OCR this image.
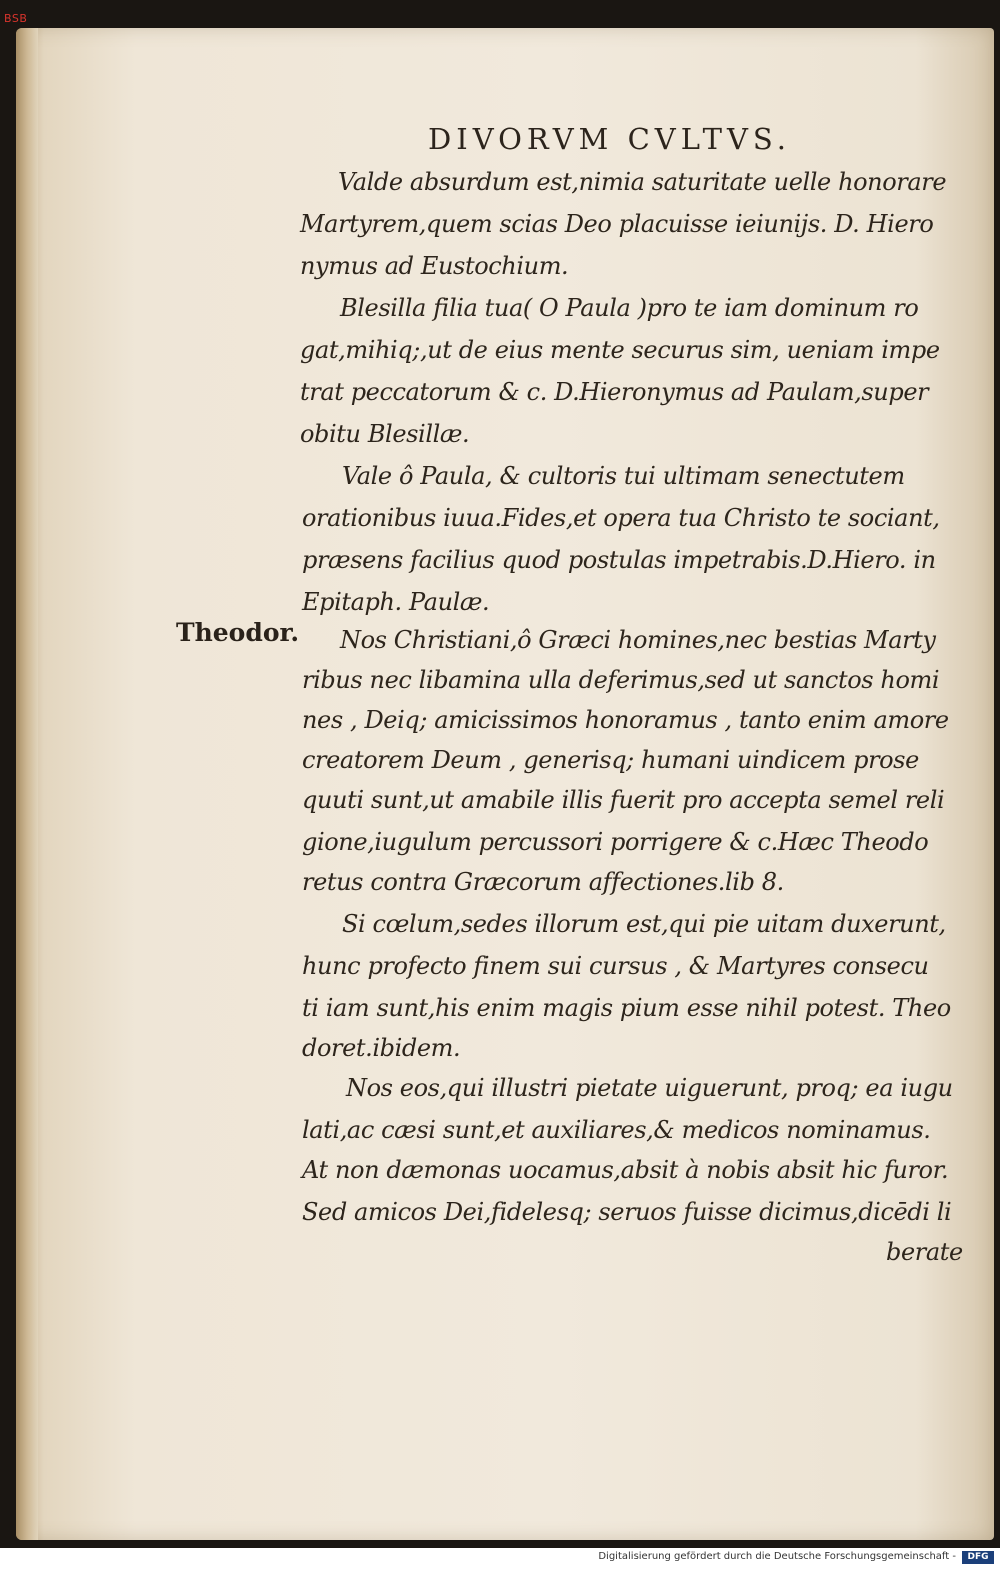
BSB
DIVORVM CVLTVS.
Theodor.
Valde absurdum est,nimia saturitate uelle honorare
Martyrem,quem scias Deo placuisse ieiunijs. D. Hiero
nymus ad Eustochium.
Blesilla filia tua( O Paula )pro te iam dominum ro
gat,mihiq;,ut de eius mente securus sim, ueniam impe
trat peccatorum & c. D.Hieronymus ad Paulam,super
obitu Blesillæ.
Vale ô Paula, & cultoris tui ultimam senectutem
orationibus iuua.Fides,et opera tua Christo te sociant,
præsens facilius quod postulas impetrabis.D.Hiero. in
Epitaph. Paulæ.
Nos Christiani,ô Græci homines,nec bestias Marty
ribus nec libamina ulla deferimus,sed ut sanctos homi
nes , Deiq; amicissimos honoramus , tanto enim amore
creatorem Deum , generisq; humani uindicem prose
quuti sunt,ut amabile illis fuerit pro accepta semel reli
gione,iugulum percussori porrigere & c.Hæc Theodo
retus contra Græcorum affectiones.lib 8.
Si cœlum,sedes illorum est,qui pie uitam duxerunt,
hunc profecto finem sui cursus , & Martyres consecu
ti iam sunt,his enim magis pium esse nihil potest. Theo
doret.ibidem.
Nos eos,qui illustri pietate uiguerunt, proq; ea iugu
lati,ac cæsi sunt,et auxiliares,& medicos nominamus.
At non dæmonas uocamus,absit à nobis absit hic furor.
Sed amicos Dei,fidelesq; seruos fuisse dicimus,dicēdi li
berate
Digitalisierung gefördert durch die Deutsche Forschungsgemeinschaft -	DFG
